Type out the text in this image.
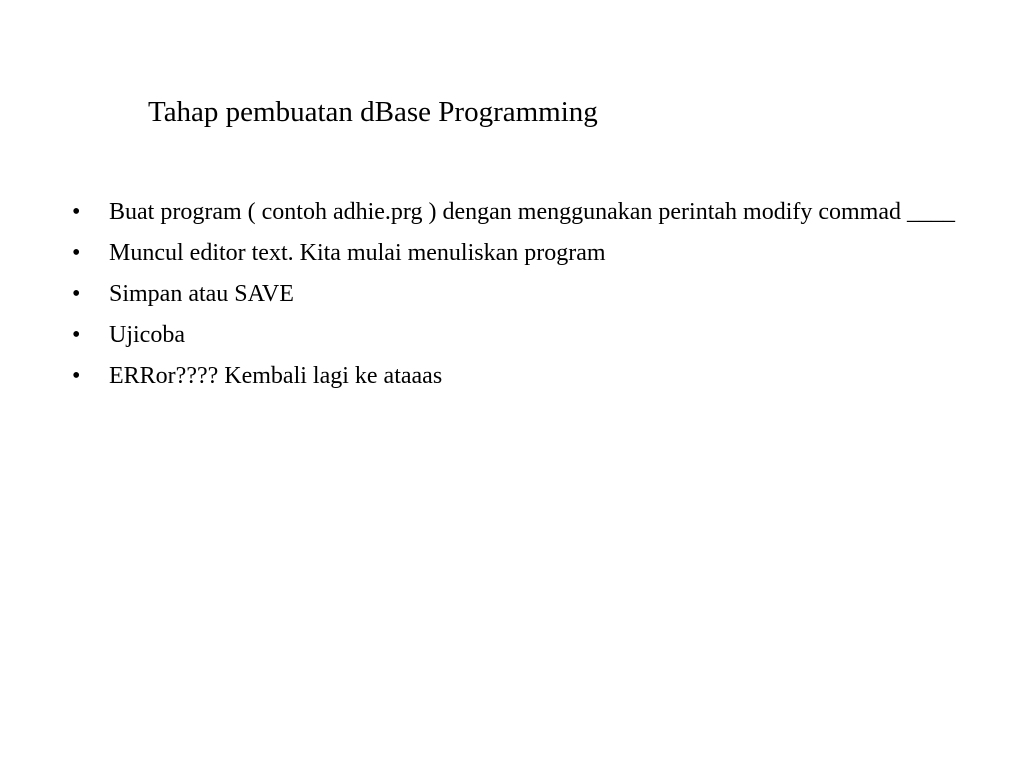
Tahap pembuatan dBase Programming
• Buat program ( contoh adhie.prg ) dengan menggunakan perintah modify commad ____
• Muncul editor text. Kita mulai menuliskan program
• Simpan atau SAVE
• Ujicoba
• ERRor???? Kembali lagi ke ataaas
